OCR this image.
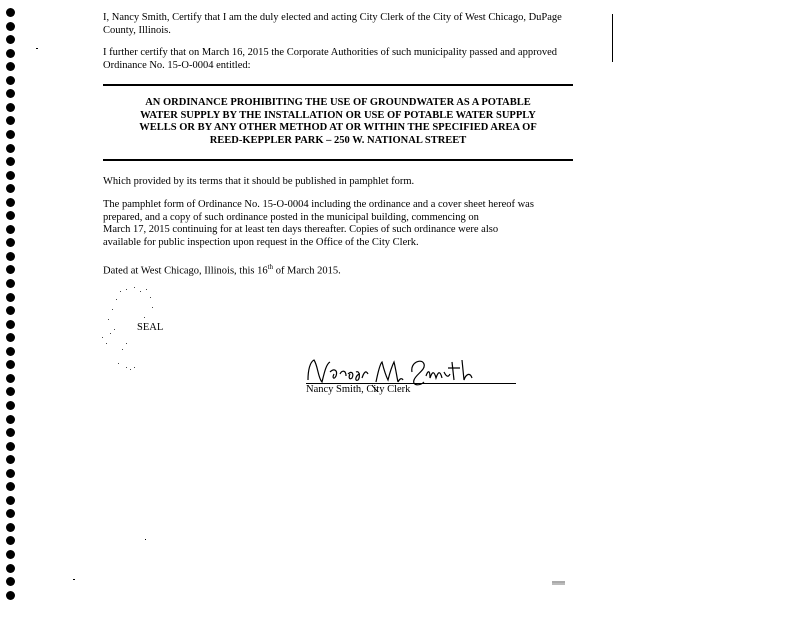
I, Nancy Smith, Certify that I am the duly elected and acting City Clerk of the City of West Chicago, DuPage County, Illinois.

I further certify that on March 16, 2015 the Corporate Authorities of such municipality passed and approved Ordinance No. 15-O-0004 entitled:

AN ORDINANCE PROHIBITING THE USE OF GROUNDWATER AS A POTABLE
WATER SUPPLY BY THE INSTALLATION OR USE OF POTABLE WATER SUPPLY
WELLS OR BY ANY OTHER METHOD AT OR WITHIN THE SPECIFIED AREA OF
REED-KEPPLER PARK – 250 W. NATIONAL STREET

Which provided by its terms that it should be published in pamphlet form.

The pamphlet form of Ordinance No. 15-O-0004 including the ordinance and a cover sheet hereof was
prepared, and a copy of such ordinance posted in the municipal building, commencing on
March 17, 2015 continuing for at least ten days thereafter. Copies of such ordinance were also
available for public inspection upon request in the Office of the City Clerk.

Dated at West Chicago, Illinois, this 16th of March 2015.

SEAL
Nancy Smith, City Clerk
